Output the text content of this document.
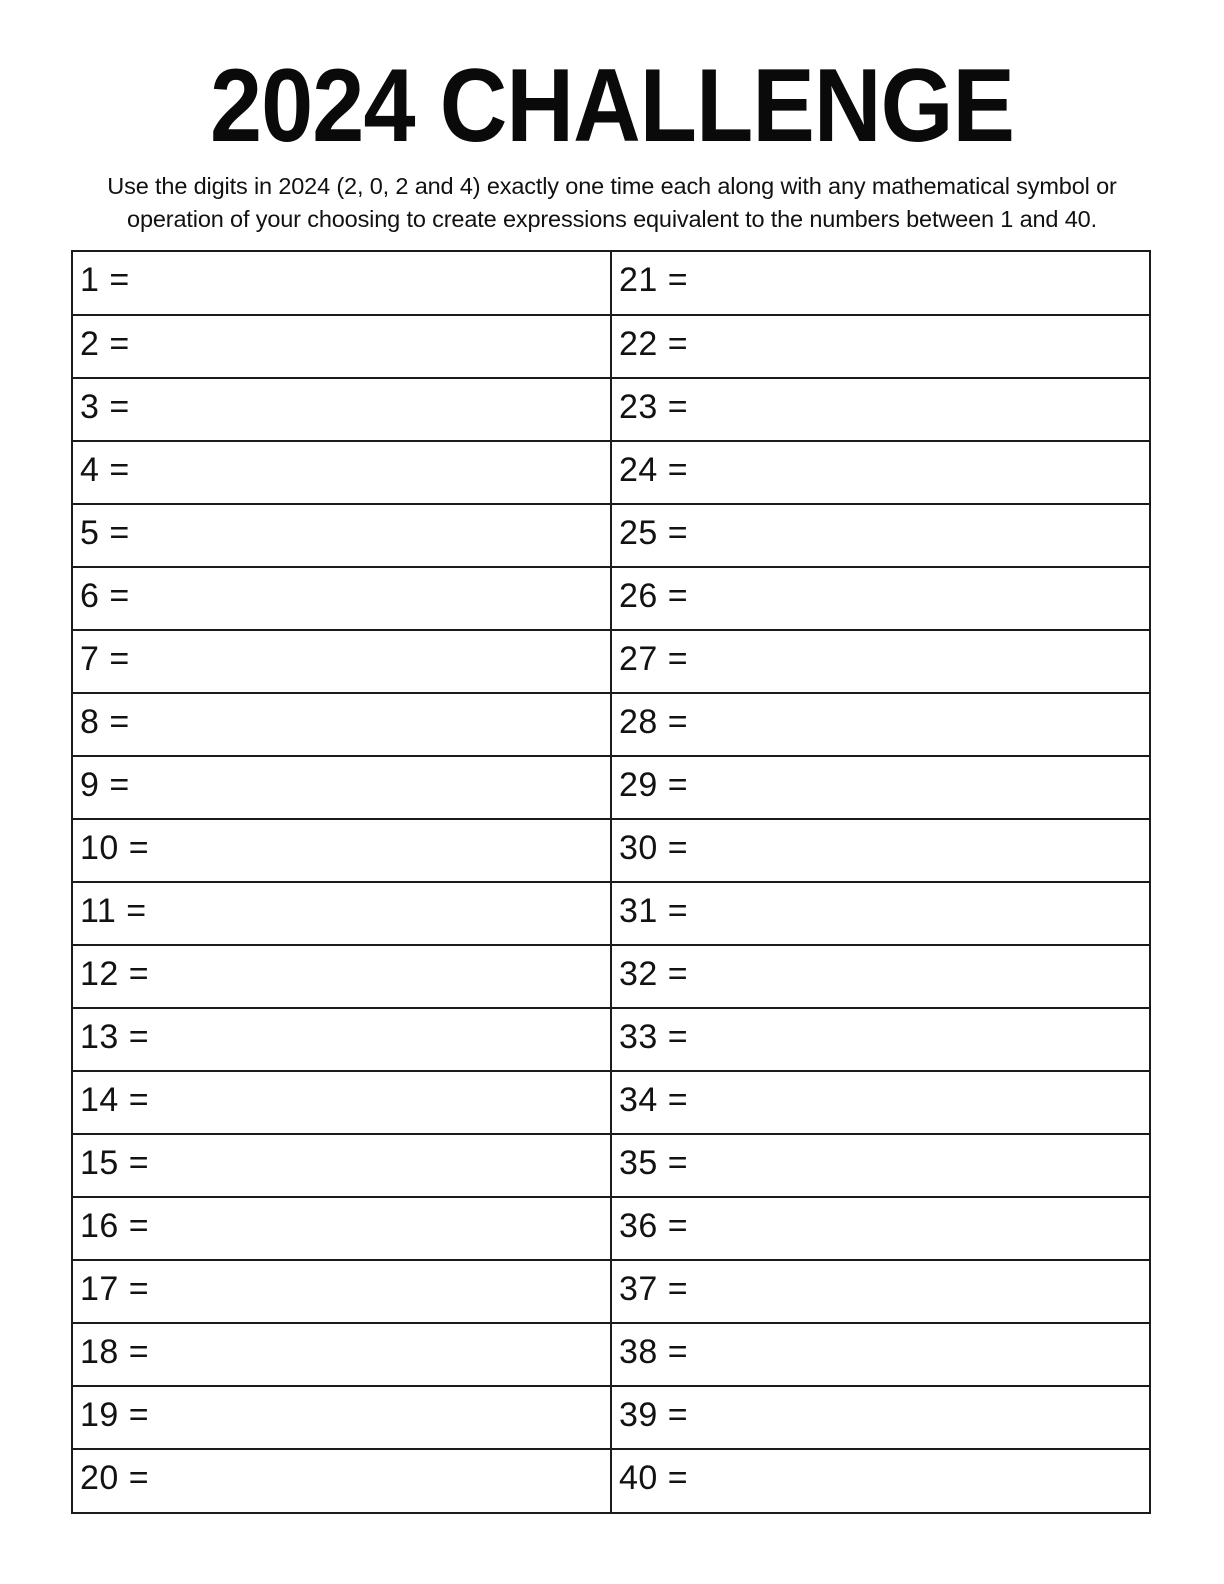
2024 CHALLENGE
Use the digits in 2024 (2, 0, 2 and 4) exactly one time each along with any mathematical symbol or
operation of your choosing to create expressions equivalent to the numbers between 1 and 40.
1 =	21 =

2 =	22 =

3 =	23 =

4 =	24 =

5 =	25 =

6 =	26 =

7 =	27 =

8 =	28 =

9 =	29 =

10 =	30 =

11 =	31 =

12 =	32 =

13 =	33 =

14 =	34 =

15 =	35 =

16 =	36 =

17 =	37 =

18 =	38 =

19 =	39 =

20 =	40 =
